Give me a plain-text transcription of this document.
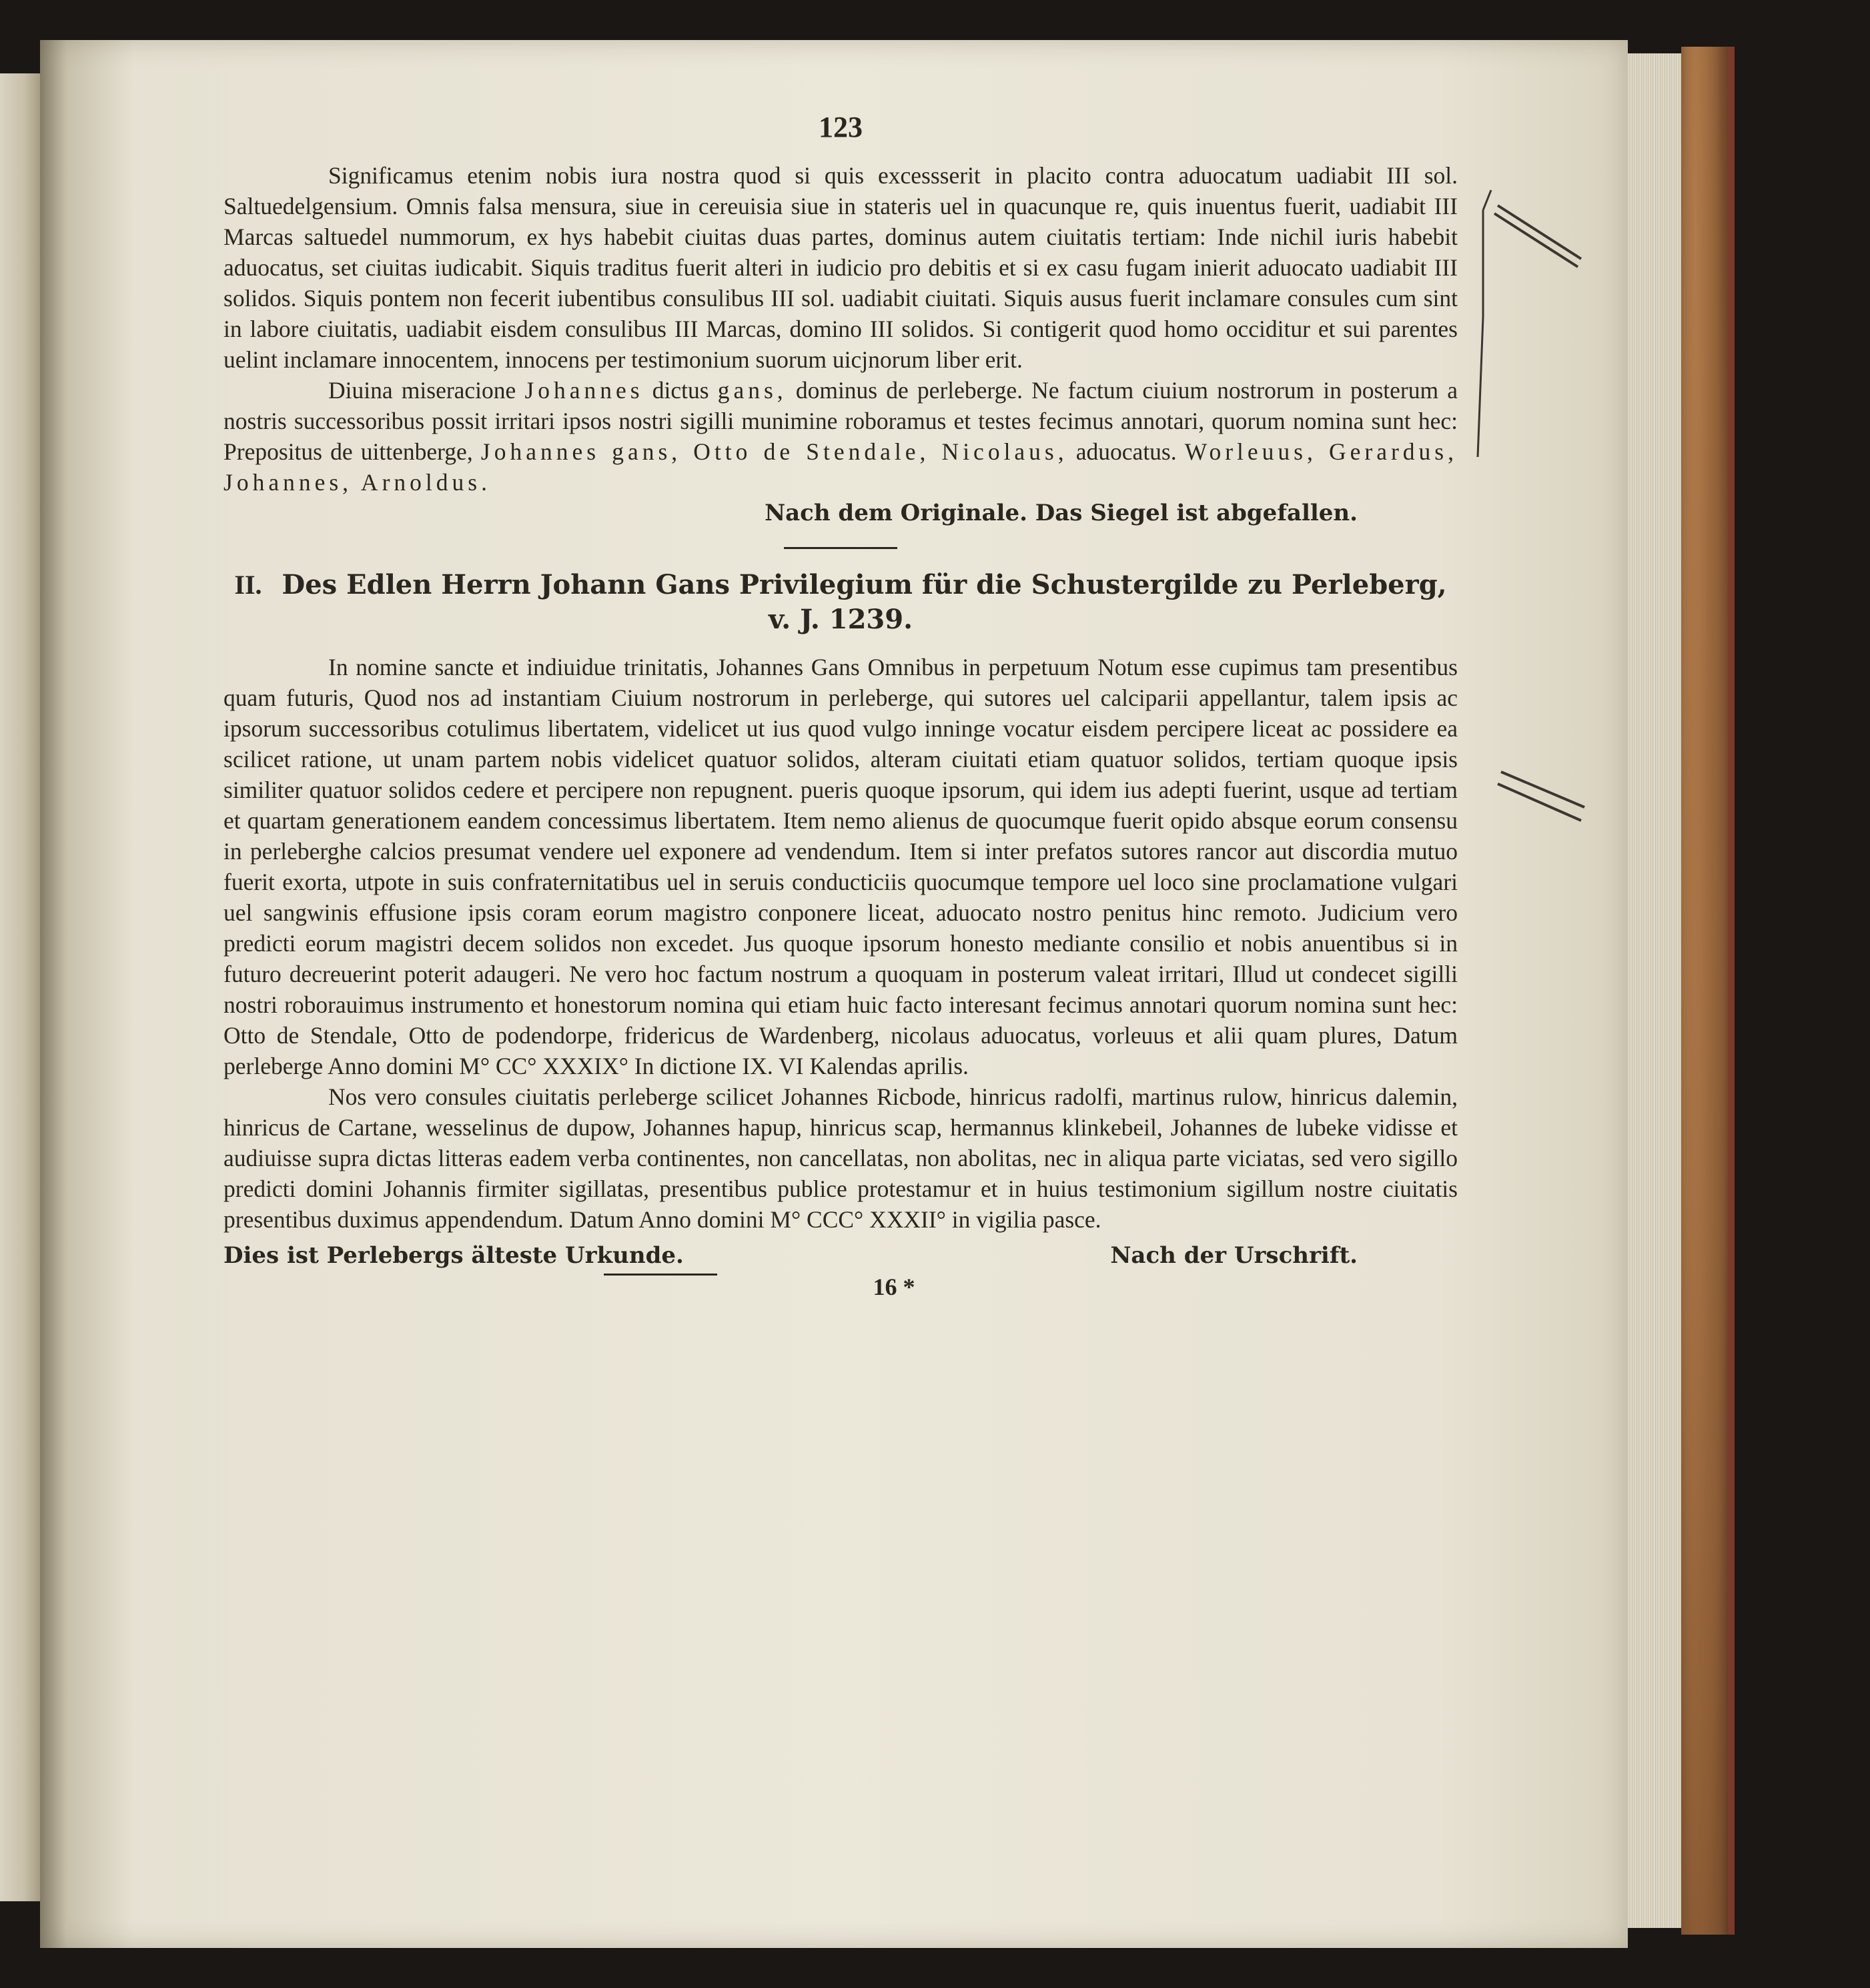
123

Significamus etenim nobis iura nostra quod si quis excessserit in placito contra aduocatum uadiabit III sol. Saltuedelgensium. Omnis falsa mensura, siue in cereuisia siue in stateris uel in quacunque re, quis inuentus fuerit, uadiabit III Marcas saltuedel nummorum, ex hys habebit ciuitas duas partes, dominus autem ciuitatis tertiam: Inde nichil iuris habebit aduocatus, set ciuitas iudicabit. Siquis traditus fuerit alteri in iudicio pro debitis et si ex casu fugam inierit aduocato uadiabit III solidos. Siquis pontem non fecerit iubentibus consulibus III sol. uadiabit ciuitati. Siquis ausus fuerit inclamare consules cum sint in labore ciuitatis, uadiabit eisdem consulibus III Marcas, domino III solidos. Si contigerit quod homo occiditur et sui parentes uelint inclamare innocentem, innocens per testimonium suorum uicjnorum liber erit.

Diuina miseracione Johannes dictus gans, dominus de perleberge. Ne factum ciuium nostrorum in posterum a nostris successoribus possit irritari ipsos nostri sigilli munimine roboramus et testes fecimus annotari, quorum nomina sunt hec: Prepositus de uittenberge, Johannes gans, Otto de Stendale, Nicolaus, aduocatus. Worleuus, Gerardus, Johannes, Arnoldus.

Nach dem Originale. Das Siegel ist abgefallen.

II. Des Edlen Herrn Johann Gans Privilegium für die Schustergilde zu Perleberg,
v. J. 1239.

In nomine sancte et indiuidue trinitatis, Johannes Gans Omnibus in perpetuum Notum esse cupimus tam presentibus quam futuris, Quod nos ad instantiam Ciuium nostrorum in perleberge, qui sutores uel calciparii appellantur, talem ipsis ac ipsorum successoribus cotulimus libertatem, videlicet ut ius quod vulgo inninge vocatur eisdem percipere liceat ac possidere ea scilicet ratione, ut unam partem nobis videlicet quatuor solidos, alteram ciuitati etiam quatuor solidos, tertiam quoque ipsis similiter quatuor solidos cedere et percipere non repugnent. pueris quoque ipsorum, qui idem ius adepti fuerint, usque ad tertiam et quartam generationem eandem concessimus libertatem. Item nemo alienus de quocumque fuerit opido absque eorum consensu in perleberghe calcios presumat vendere uel exponere ad vendendum. Item si inter prefatos sutores rancor aut discordia mutuo fuerit exorta, utpote in suis confraternitatibus uel in seruis conducticiis quocumque tempore uel loco sine proclamatione vulgari uel sangwinis effusione ipsis coram eorum magistro conponere liceat, aduocato nostro penitus hinc remoto. Judicium vero predicti eorum magistri decem solidos non excedet. Jus quoque ipsorum honesto mediante consilio et nobis anuentibus si in futuro decreuerint poterit adaugeri. Ne vero hoc factum nostrum a quoquam in posterum valeat irritari, Illud ut condecet sigilli nostri roborauimus instrumento et honestorum nomina qui etiam huic facto interesant fecimus annotari quorum nomina sunt hec: Otto de Stendale, Otto de podendorpe, fridericus de Wardenberg, nicolaus aduocatus, vorleuus et alii quam plures, Datum perleberge Anno domini M° CC° XXXIX° In dictione IX. VI Kalendas aprilis.

Nos vero consules ciuitatis perleberge scilicet Johannes Ricbode, hinricus radolfi, martinus rulow, hinricus dalemin, hinricus de Cartane, wesselinus de dupow, Johannes hapup, hinricus scap, hermannus klinkebeil, Johannes de lubeke vidisse et audiuisse supra dictas litteras eadem verba continentes, non cancellatas, non abolitas, nec in aliqua parte viciatas, sed vero sigillo predicti domini Johannis firmiter sigillatas, presentibus publice protestamur et in huius testimonium sigillum nostre ciuitatis presentibus duximus appendendum. Datum Anno domini M° CCC° XXXII° in vigilia pasce.

Dies ist Perlebergs älteste Urkunde.	Nach der Urschrift.
16 *
